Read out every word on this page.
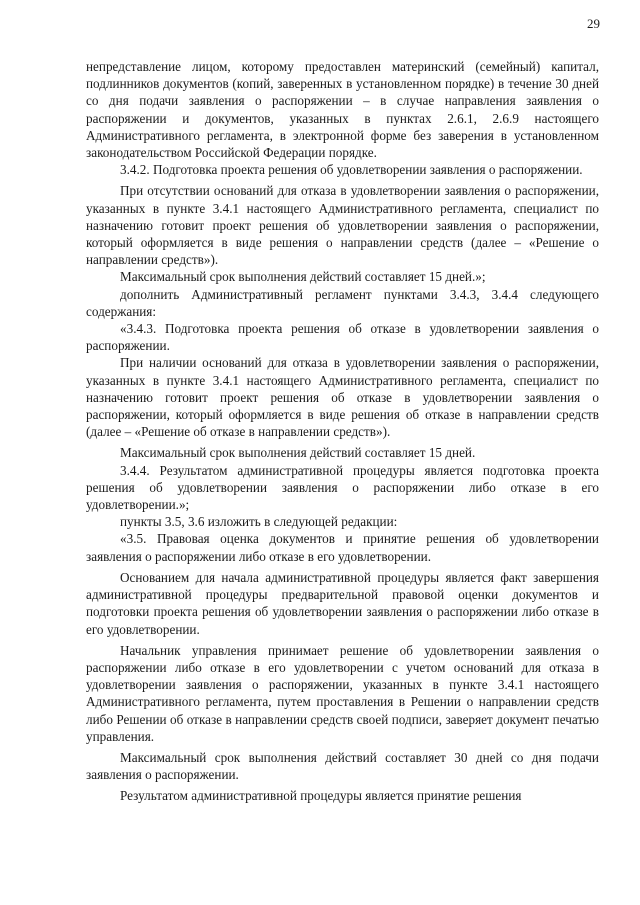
29

непредставление лицом, которому предоставлен материнский (семейный) капитал, подлинников документов (копий, заверенных в установленном порядке) в течение 30 дней со дня подачи заявления о распоряжении – в случае направления заявления о распоряжении и документов, указанных в пунктах 2.6.1, 2.6.9 настоящего Административного регламента, в электронной форме без заверения в установленном законодательством Российской Федерации порядке.

3.4.2. Подготовка проекта решения об удовлетворении заявления о распоряжении.

При отсутствии оснований для отказа в удовлетворении заявления о распоряжении, указанных в пункте 3.4.1 настоящего Административного регламента, специалист по назначению готовит проект решения об удовлетворении заявления о распоряжении, который оформляется в виде решения о направлении средств (далее – «Решение о направлении средств»).

Максимальный срок выполнения действий составляет 15 дней.»;

дополнить Административный регламент пунктами 3.4.3, 3.4.4 следующего содержания:

«3.4.3. Подготовка проекта решения об отказе в удовлетворении заявления о распоряжении.

При наличии оснований для отказа в удовлетворении заявления о распоряжении, указанных в пункте 3.4.1 настоящего Административного регламента, специалист по назначению готовит проект решения об отказе в удовлетворении заявления о распоряжении, который оформляется в виде решения об отказе в направлении средств (далее – «Решение об отказе в направлении средств»).

Максимальный срок выполнения действий составляет 15 дней.

3.4.4. Результатом административной процедуры является подготовка проекта решения об удовлетворении заявления о распоряжении либо отказе в его удовлетворении.»;

пункты 3.5, 3.6 изложить в следующей редакции:

«3.5. Правовая оценка документов и принятие решения об удовлетворении заявления о распоряжении либо отказе в его удовлетворении.

Основанием для начала административной процедуры является факт завершения административной процедуры предварительной правовой оценки документов и подготовки проекта решения об удовлетворении заявления о распоряжении либо отказе в его удовлетворении.

Начальник управления принимает решение об удовлетворении заявления о распоряжении либо отказе в его удовлетворении с учетом оснований для отказа в удовлетворении заявления о распоряжении, указанных в пункте 3.4.1 настоящего Административного регламента, путем проставления в Решении о направлении средств либо Решении об отказе в направлении средств своей подписи, заверяет документ печатью управления.

Максимальный срок выполнения действий составляет 30 дней со дня подачи заявления о распоряжении.

Результатом административной процедуры является принятие решения
